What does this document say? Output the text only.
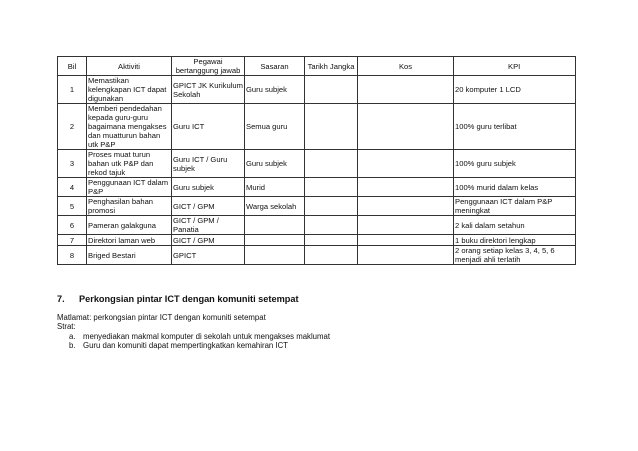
Bil	Aktiviti	Pegawai bertanggung jawab	Sasaran	Tarikh Jangka	Kos	KPI	
1	Memastikan kelengkapan ICT dapat digunakan	GPICT JK Kurikulum Sekolah	Guru subjek			20 komputer 1 LCD	
2	Memberi pendedahan kepada guru-guru bagaimana mengakses dan muatturun bahan utk P&P	Guru ICT	Semua guru			100% guru terlibat	
3	Proses muat turun bahan utk P&P dan rekod tajuk	Guru ICT / Guru subjek	Guru subjek			100% guru subjek	
4	Penggunaan ICT dalam P&P	Guru subjek	Murid			100% murid dalam kelas	
5	Penghasilan bahan promosi	GICT / GPM	Warga sekolah			Penggunaan ICT dalam P&P meningkat	
6	Pameran galakguna	GICT / GPM / Panatia				2 kali dalam setahun	
7	Direktori laman web	GICT / GPM				1 buku direktori lengkap	
8	Briged Bestari	GPICT				2 orang setiap kelas 3, 4, 5, 6 menjadi ahli terlatih	
7. Perkongsian pintar ICT dengan komuniti setempat
Matlamat: perkongsian pintar ICT dengan komuniti setempat
Strat:
a. menyediakan makmal komputer di sekolah untuk mengakses maklumat
b. Guru dan komuniti dapat mempertingkatkan kemahiran ICT
